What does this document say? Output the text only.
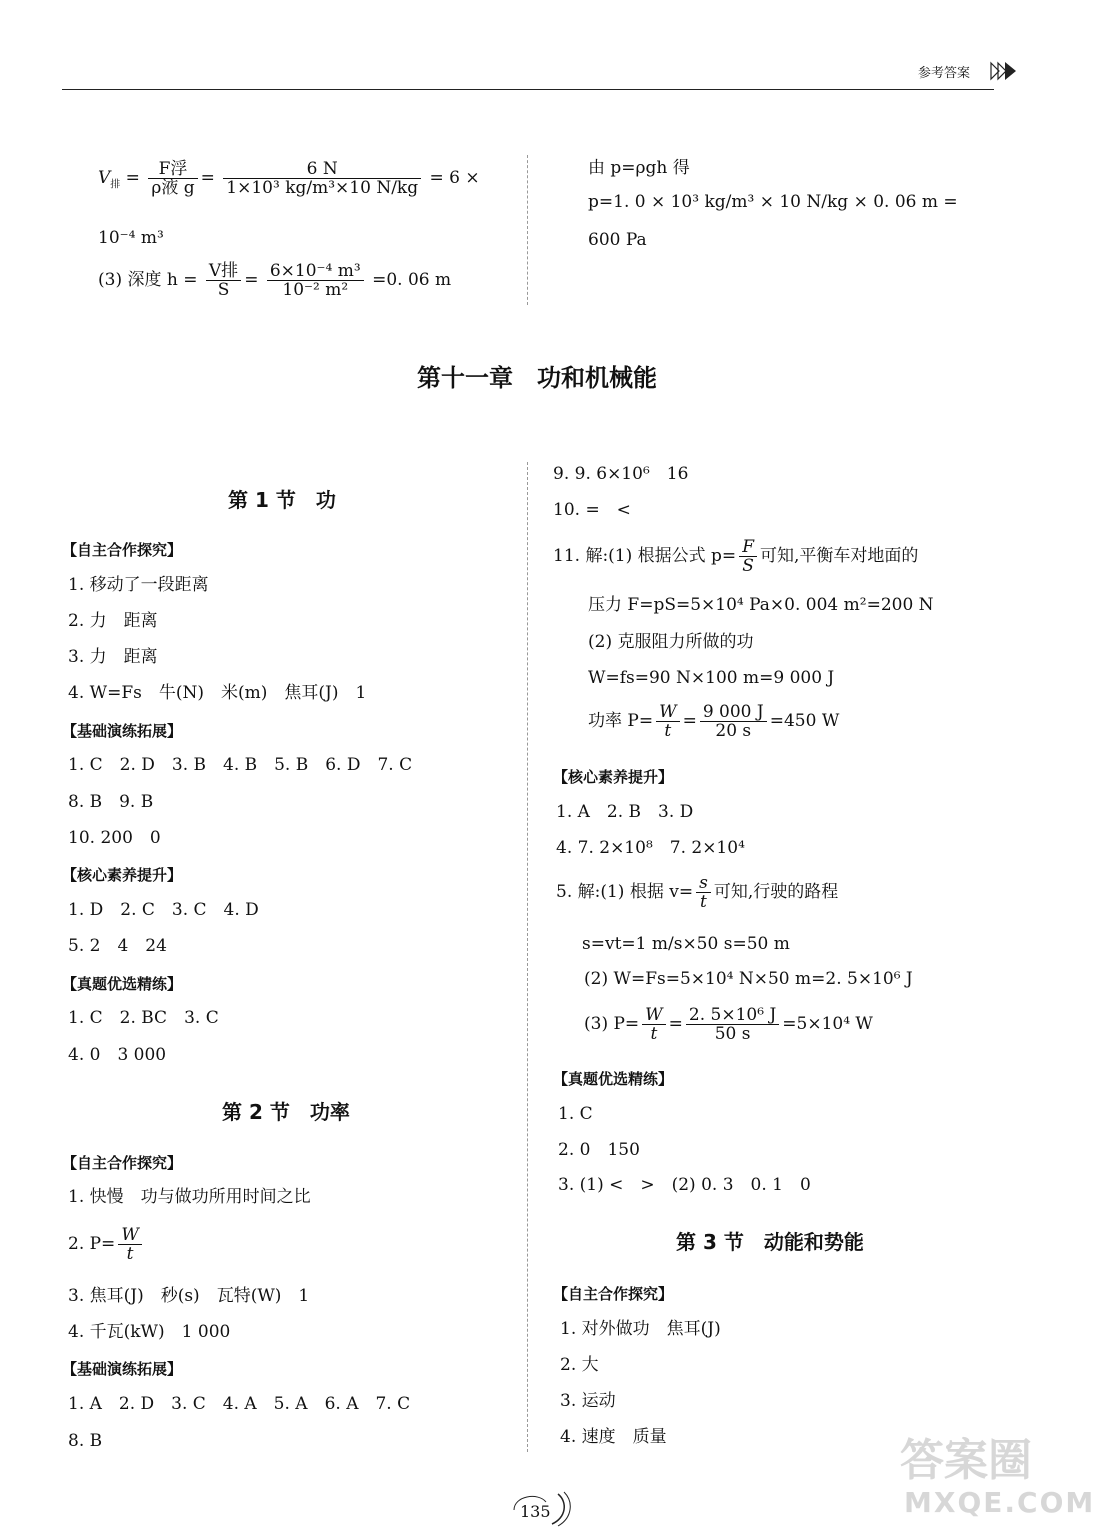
参考答案
$V_排 = \frac{\text{F浮}}{\text{ρ液 g}} = \frac{6 N}{\text{1×10³ kg/m³×10 N/kg}} = 6$ ×
10⁻⁴ m³
(3) 深度 $h = \frac{\text{V排}}{S} = \frac{\text{6×10⁻⁴ m³}}{\text{10⁻² m²}} =0$. 06 m
由 p=ρgh 得
p=1. 0 × 10³ kg/m³ × 10 N/kg × 0. 06 m =
600 Pa
第十一章　功和机械能
第 1 节　功
【自主合作探究】
1. 移动了一段距离
2. 力　距离
3. 力　距离
4. W=Fs　牛(N)　米(m)　焦耳(J)　1
【基础演练拓展】
1. C　2. D　3. B　4. B　5. B　6. D　7. C
8. B　9. B
10. 200　0
【核心素养提升】
1. D　2. C　3. C　4. D
5. 2　4　24
【真题优选精练】
1. C　2. BC　3. C
4. 0　3 000
第 2 节　功率
【自主合作探究】
1. 快慢　功与做功所用时间之比
2. $P= \frac{W}{t}$
3. 焦耳(J)　秒(s)　瓦特(W)　1
4. 千瓦(kW)　1 000
【基础演练拓展】
1. A　2. D　3. C　4. A　5. A　6. A　7. C
8. B
9. 9. 6×10⁶　16
10. =　<
11. 解:(1) 根据公式 $p= \frac{F}{S}$ 可知,平衡车对地面的
压力 F=pS=5×10⁴ Pa×0. 004 m²=200 N
(2) 克服阻力所做的功
W=fs=90 N×100 m=9 000 J
功率 $P= \frac{W}{t} = \frac{9 000 J}{20 s} =450$ W
【核心素养提升】
1. A　2. B　3. D
4. 7. 2×10⁸　7. 2×10⁴
5. 解:(1) 根据 $v= \frac{s}{t}$ 可知,行驶的路程
s=vt=1 m/s×50 s=50 m
(2) W=Fs=5×10⁴ N×50 m=2. 5×10⁶ J
(3) $P= \frac{W}{t} = \frac{\text{2. 5×10⁶ J}}{50 s} =5\times 10^4$ W
【真题优选精练】
1. C
2. 0　150
3. (1) <　>　(2) 0. 3　0. 1　0
第 3 节　动能和势能
【自主合作探究】
1. 对外做功　焦耳(J)
2. 大
3. 运动
4. 速度　质量
135
答案圈
MXQE.COM
